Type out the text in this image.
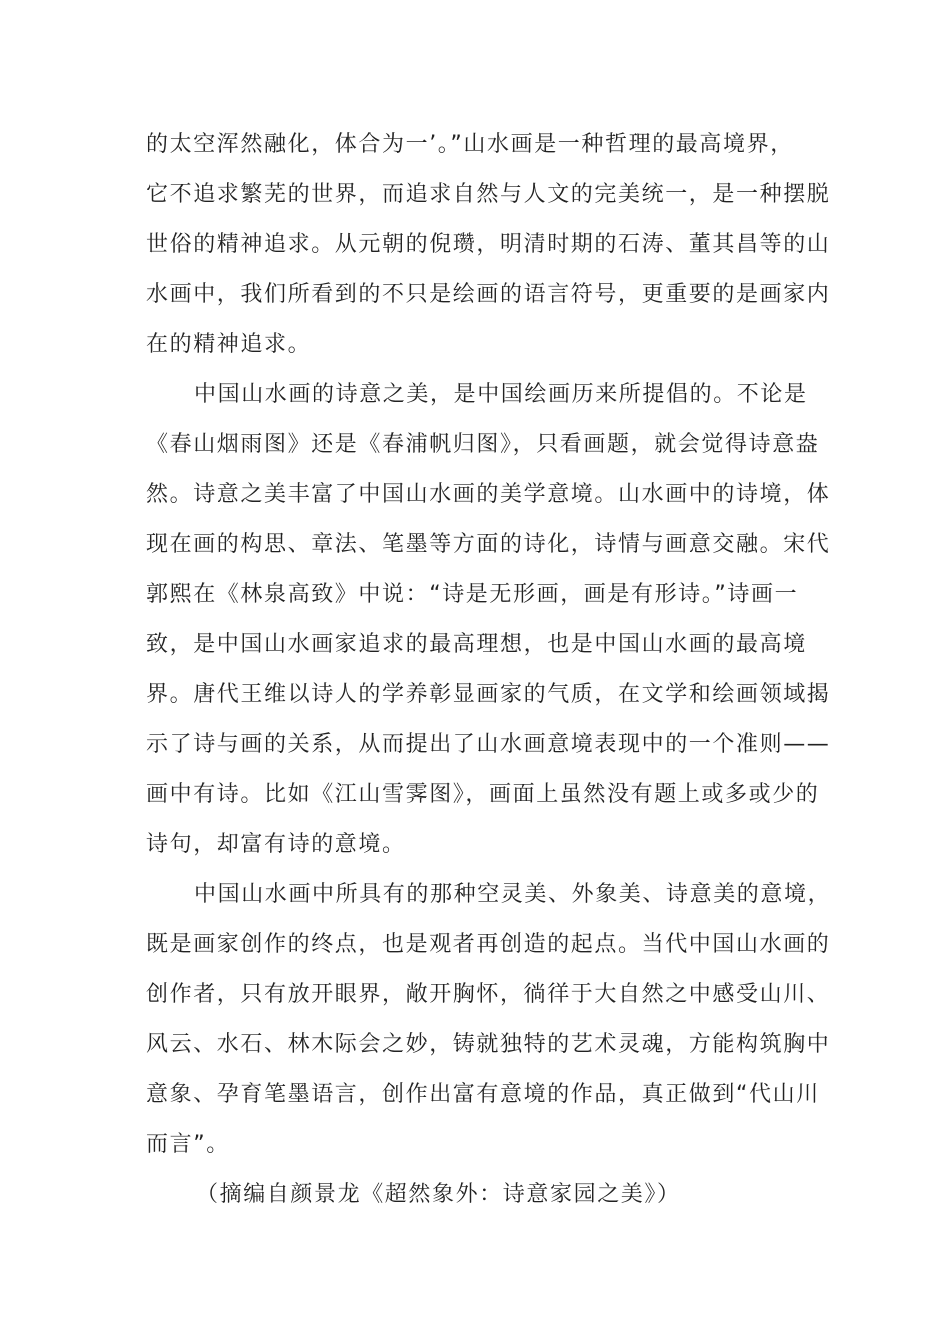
的太空浑然融化，体合为一’。”山水画是一种哲理的最高境界，
它不追求繁芜的世界，而追求自然与人文的完美统一，是一种摆脱
世俗的精神追求。从元朝的倪瓒，明清时期的石涛、董其昌等的山
水画中，我们所看到的不只是绘画的语言符号，更重要的是画家内
在的精神追求。
中国山水画的诗意之美，是中国绘画历来所提倡的。不论是
《春山烟雨图》还是《春浦帆归图》，只看画题，就会觉得诗意盎
然。诗意之美丰富了中国山水画的美学意境。山水画中的诗境，体
现在画的构思、章法、笔墨等方面的诗化，诗情与画意交融。宋代
郭熙在《林泉高致》中说：“诗是无形画，画是有形诗。”诗画一
致，是中国山水画家追求的最高理想，也是中国山水画的最高境
界。唐代王维以诗人的学养彰显画家的气质，在文学和绘画领域揭
示了诗与画的关系，从而提出了山水画意境表现中的一个准则——
画中有诗。比如《江山雪霁图》，画面上虽然没有题上或多或少的
诗句，却富有诗的意境。
中国山水画中所具有的那种空灵美、外象美、诗意美的意境，
既是画家创作的终点，也是观者再创造的起点。当代中国山水画的
创作者，只有放开眼界，敞开胸怀，徜徉于大自然之中感受山川、
风云、水石、林木际会之妙，铸就独特的艺术灵魂，方能构筑胸中
意象、孕育笔墨语言，创作出富有意境的作品，真正做到“代山川
而言”。
（摘编自颜景龙《超然象外：诗意家园之美》）
